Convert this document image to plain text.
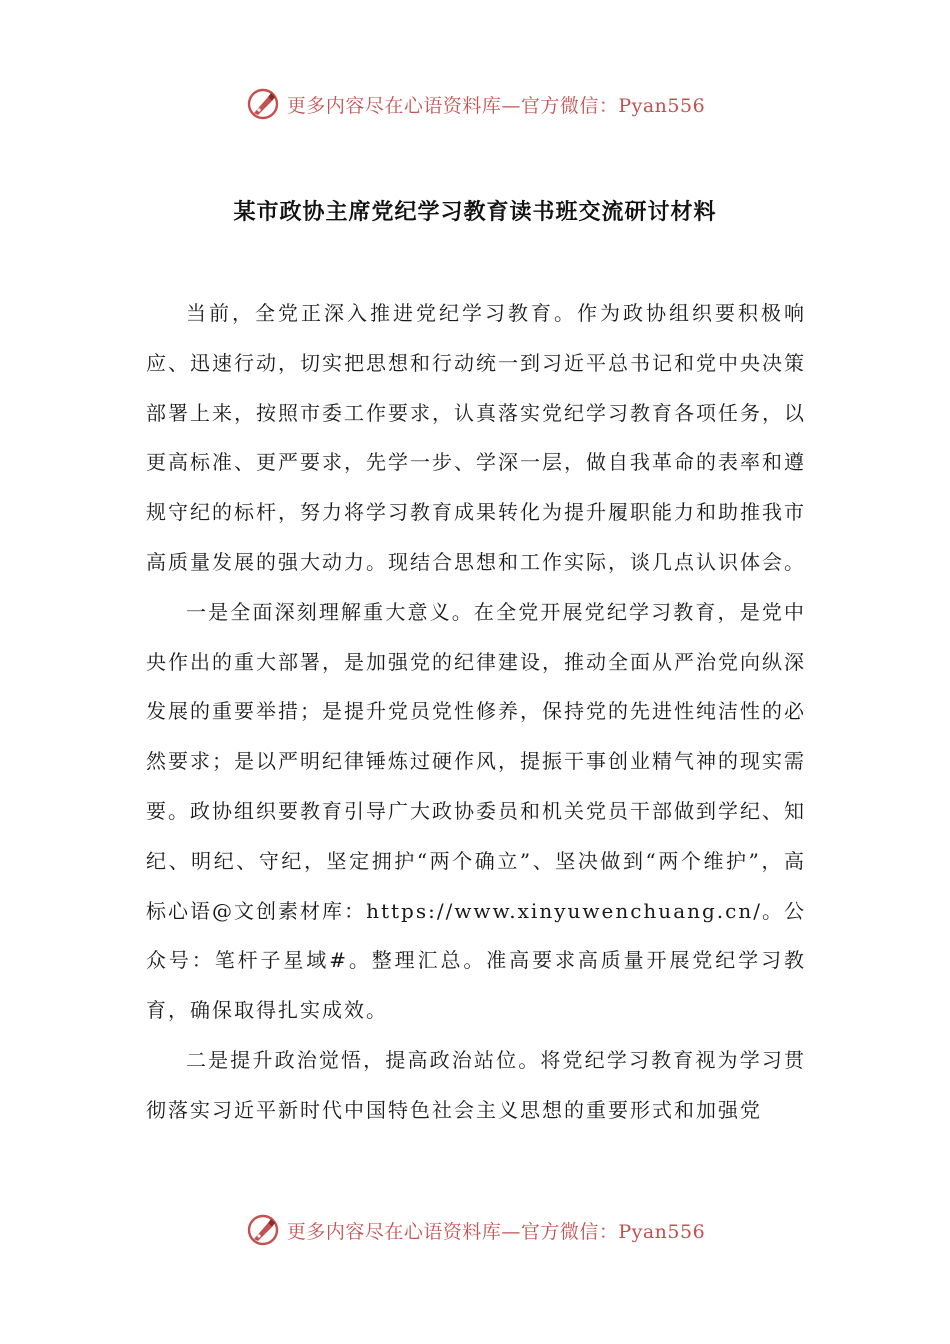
更多内容尽在心语资料库—官方微信：Pyan556
某市政协主席党纪学习教育读书班交流研讨材料

当前，全党正深入推进党纪学习教育。作为政协组织要积极响应、迅速行动，切实把思想和行动统一到习近平总书记和党中央决策部署上来，按照市委工作要求，认真落实党纪学习教育各项任务，以更高标准、更严要求，先学一步、学深一层，做自我革命的表率和遵规守纪的标杆，努力将学习教育成果转化为提升履职能力和助推我市高质量发展的强大动力。现结合思想和工作实际，谈几点认识体会。

一是全面深刻理解重大意义。在全党开展党纪学习教育，是党中央作出的重大部署，是加强党的纪律建设，推动全面从严治党向纵深发展的重要举措；是提升党员党性修养，保持党的先进性纯洁性的必然要求；是以严明纪律锤炼过硬作风，提振干事创业精气神的现实需要。政协组织要教育引导广大政协委员和机关党员干部做到学纪、知纪、明纪、守纪，坚定拥护“两个确立”、坚决做到“两个维护”，高标心语@文创素材库：https://www.xinyuwenchuang.cn/。公众号：笔杆子星域#。整理汇总。准高要求高质量开展党纪学习教育，确保取得扎实成效。

二是提升政治觉悟，提高政治站位。将党纪学习教育视为学习贯彻落实习近平新时代中国特色社会主义思想的重要形式和加强党

更多内容尽在心语资料库—官方微信：Pyan556
